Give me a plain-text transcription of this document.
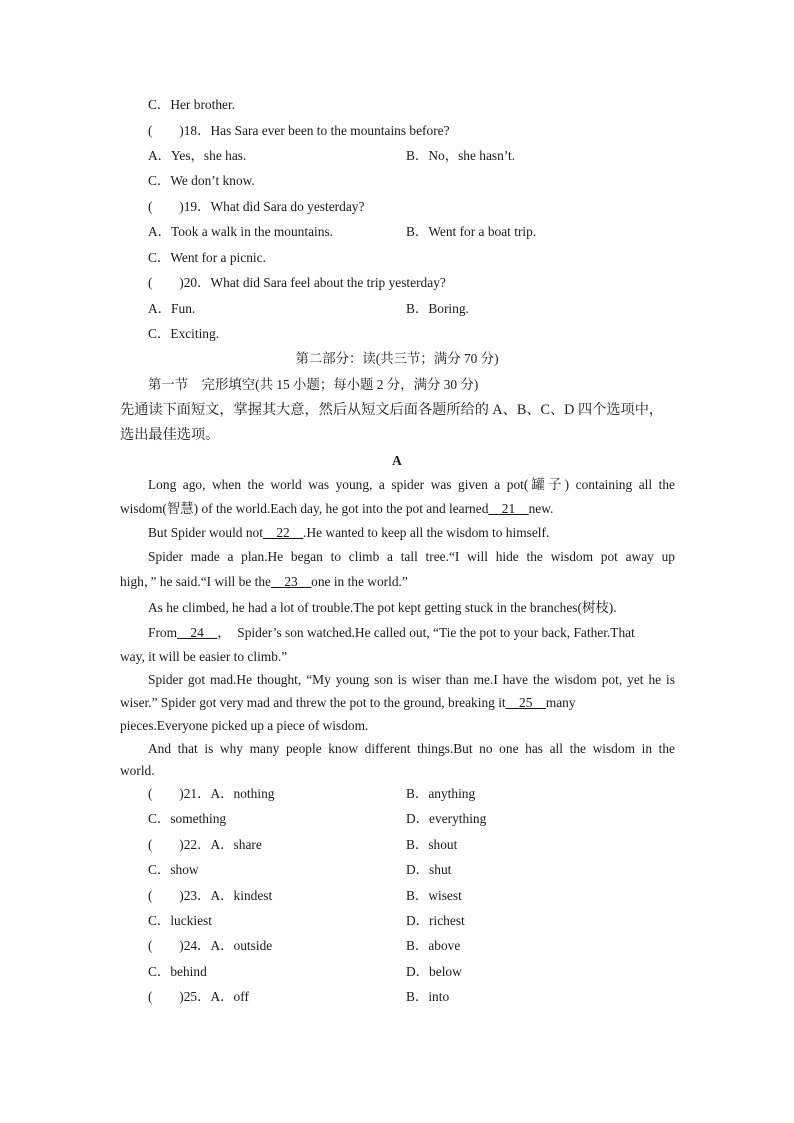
C．Her brother.
(　　)18．Has Sara ever been to the mountains before?
A．Yes，she has.	B．No，she hasn’t.
C．We don’t know.
(　　)19．What did Sara do yesterday?
A．Took a walk in the mountains.	B．Went for a boat trip.
C．Went for a picnic.
(　　)20．What did Sara feel about the trip yesterday?
A．Fun.	B．Boring.
C．Exciting.
第二部分：读(共三节；满分 70 分)
第一节　完形填空(共 15 小题；每小题 2 分，满分 30 分)
先通读下面短文，掌握其大意，然后从短文后面各题所给的 A、B、C、D 四个选项中，
选出最佳选项。
A
Long ago, when the world was young, a spider was given a pot(罐子) containing all the
wisdom(智慧) of the world.Each day, he got into the pot and learned__21__new.
But Spider would not__22__.He wanted to keep all the wisdom to himself.
Spider made a plan.He began to climb a tall tree.“I will hide the wisdom pot away up
high，” he said.“I will be the__23__one in the world.”
As he climbed, he had a lot of trouble.The pot kept getting stuck in the branches(树枝).
From__24__，　Spider’s son watched.He called out, “Tie the pot to your back, Father.That
way, it will be easier to climb.”
Spider got mad.He thought, “My young son is wiser than me.I have the wisdom pot, yet he is
wiser.” Spider got very mad and threw the pot to the ground, breaking it__25__many
pieces.Everyone picked up a piece of wisdom.
And that is why many people know different things.But no one has all the wisdom in the
world.
(　　)21．A．nothing	B．anything
C．something	D．everything
(　　)22．A．share	B．shout
C．show	D．shut
(　　)23．A．kindest	B．wisest
C．luckiest	D．richest
(　　)24．A．outside	B．above
C．behind	D．below
(　　)25．A．off	B．into
